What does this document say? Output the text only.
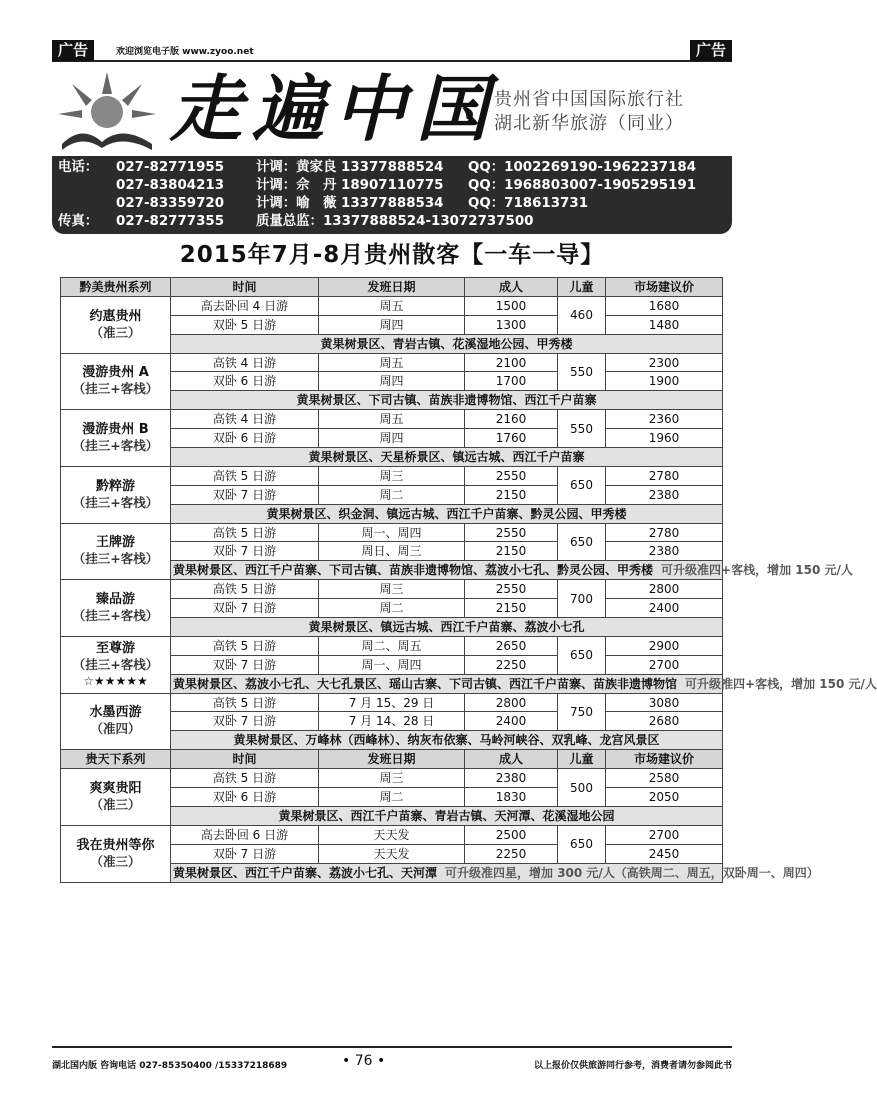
广告	欢迎浏览电子版 www.zyoo.net	广告
走遍中国
贵州省中国国际旅行社
湖北新华旅游（同业）
电话：	027-82771955	计调：黄家良 13377888524	QQ：1002269190-1962237184
027-83804213	计调：佘　丹 18907110775	QQ：1968803007-1905295191
027-83359720	计调：喻　薇 13377888534	QQ：718613731
传真：	027-82777355	质量总监：13377888524-13072737500
2015年7月-8月贵州散客【一车一导】
黔美贵州系列	时间	发班日期	成人	儿童	市场建议价

约惠贵州
（准三）	高去卧回 4 日游	周五	1500	460	1680
	双卧 5 日游	周四	1300		1480
	黄果树景区、青岩古镇、花溪湿地公园、甲秀楼				

漫游贵州 A
（挂三+客栈）	高铁 4 日游	周五	2100	550	2300
	双卧 6 日游	周四	1700		1900
	黄果树景区、下司古镇、苗族非遗博物馆、西江千户苗寨				

漫游贵州 B
（挂三+客栈）	高铁 4 日游	周五	2160	550	2360
	双卧 6 日游	周四	1760		1960
	黄果树景区、天星桥景区、镇远古城、西江千户苗寨				

黔粹游
（挂三+客栈）	高铁 5 日游	周三	2550	650	2780
	双卧 7 日游	周二	2150		2380
	黄果树景区、织金洞、镇远古城、西江千户苗寨、黔灵公园、甲秀楼				

王牌游
（挂三+客栈）	高铁 5 日游	周一、周四	2550	650	2780
	双卧 7 日游	周日、周三	2150		2380
	黄果树景区、西江千户苗寨、下司古镇、苗族非遗博物馆、荔波小七孔、黔灵公园、甲秀楼 可升级准四+客栈，增加 150 元/人				

臻品游
（挂三+客栈）	高铁 5 日游	周三	2550	700	2800
	双卧 7 日游	周二	2150		2400
	黄果树景区、镇远古城、西江千户苗寨、荔波小七孔				

至尊游
（挂三+客栈）
☆★★★★★	高铁 5 日游	周二、周五	2650	650	2900
	双卧 7 日游	周一、周四	2250		2700
	黄果树景区、荔波小七孔、大七孔景区、瑶山古寨、下司古镇、西江千户苗寨、苗族非遗博物馆 可升级准四+客栈，增加 150 元/人				

水墨西游
（准四）	高铁 5 日游	7 月 15、29 日	2800	750	3080
	双卧 7 日游	7 月 14、28 日	2400		2680
	黄果树景区、万峰林（西峰林）、纳灰布依寨、马岭河峡谷、双乳峰、龙宫风景区				
贵天下系列	时间	发班日期	成人	儿童	市场建议价

爽爽贵阳
（准三）	高铁 5 日游	周三	2380	500	2580
	双卧 6 日游	周二	1830		2050
	黄果树景区、西江千户苗寨、青岩古镇、天河潭、花溪湿地公园				

我在贵州等你
（准三）	高去卧回 6 日游	天天发	2500	650	2700
	双卧 7 日游	天天发	2250		2450
	黄果树景区、西江千户苗寨、荔波小七孔、天河潭 可升级准四星，增加 300 元/人（高铁周二、周五，双卧周一、周四）				
湖北国内版 咨询电话 027-85350400 /15337218689	• 76 •	以上报价仅供旅游同行参考，消费者请勿参阅此书
